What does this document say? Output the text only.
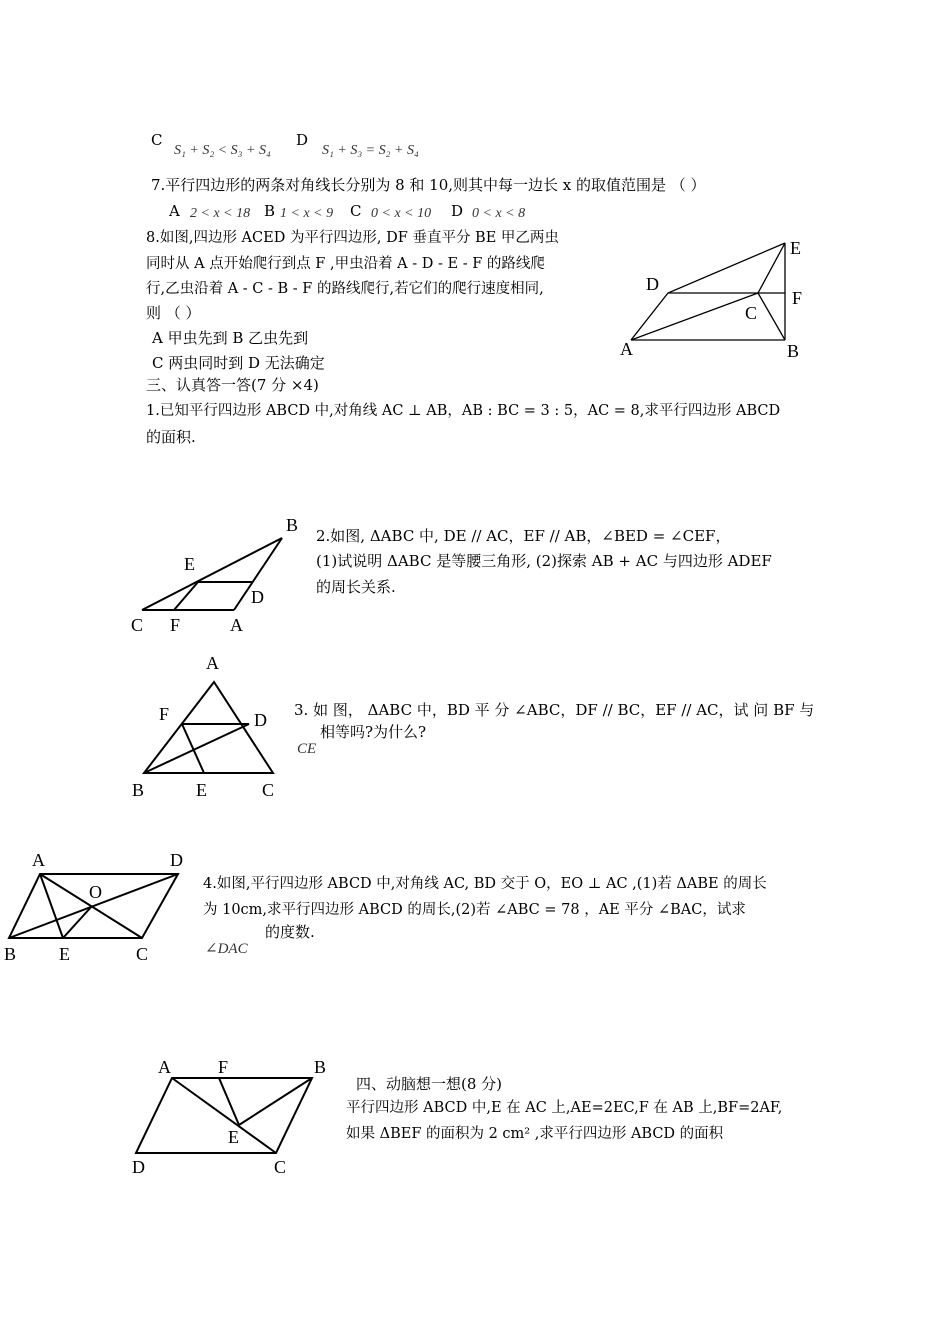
C
S₁ + S₂ < S₃ + S₄
D
S₁ + S₃ = S₂ + S₄
7.平行四边形的两条对角线长分别为 8 和 10,则其中每一边长 x 的取值范围是 （ ）
A 2 < x < 18 B 1 < x < 9 C 0 < x < 10 D 0 < x < 8
8.如图,四边形 ACED 为平行四边形, DF 垂直平分 BE 甲乙两虫
同时从 A 点开始爬行到点 F ,甲虫沿着 A - D - E - F 的路线爬
行,乙虫沿着 A - C - B - F 的路线爬行,若它们的爬行速度相同,
则 （ ）
A 甲虫先到 B 乙虫先到
C 两虫同时到 D 无法确定
E
D
F
C
A	B
三、认真答一答(7 分 ×4)
1.已知平行四边形 ABCD 中,对角线 AC ⊥ AB，AB : BC = 3 : 5，AC = 8,求平行四边形 ABCD
的面积.
B
E
D
C F	A
2.如图, ΔABC 中, DE // AC，EF // AB，∠BED = ∠CEF，
(1)试说明 ΔABC 是等腰三角形, (2)探索 AB + AC 与四边形 ADEF
的周长关系.
A
F	D
B	E	C
3. 如 图， ΔABC 中，BD 平 分 ∠ABC，DF // BC，EF // AC，试 问 BF 与
CE
相等吗?为什么?
A	D
O
B E	C
4.如图,平行四边形 ABCD 中,对角线 AC, BD 交于 O，EO ⊥ AC ,(1)若 ΔABE 的周长
为 10cm,求平行四边形 ABCD 的周长,(2)若 ∠ABC = 78 ，AE 平分 ∠BAC，试求
∠DAC
的度数.
A	F	B
E
D	C
四、动脑想一想(8 分)
平行四边形 ABCD 中,E 在 AC 上,AE=2EC,F 在 AB 上,BF=2AF,
如果 ΔBEF 的面积为 2 cm² ,求平行四边形 ABCD 的面积
